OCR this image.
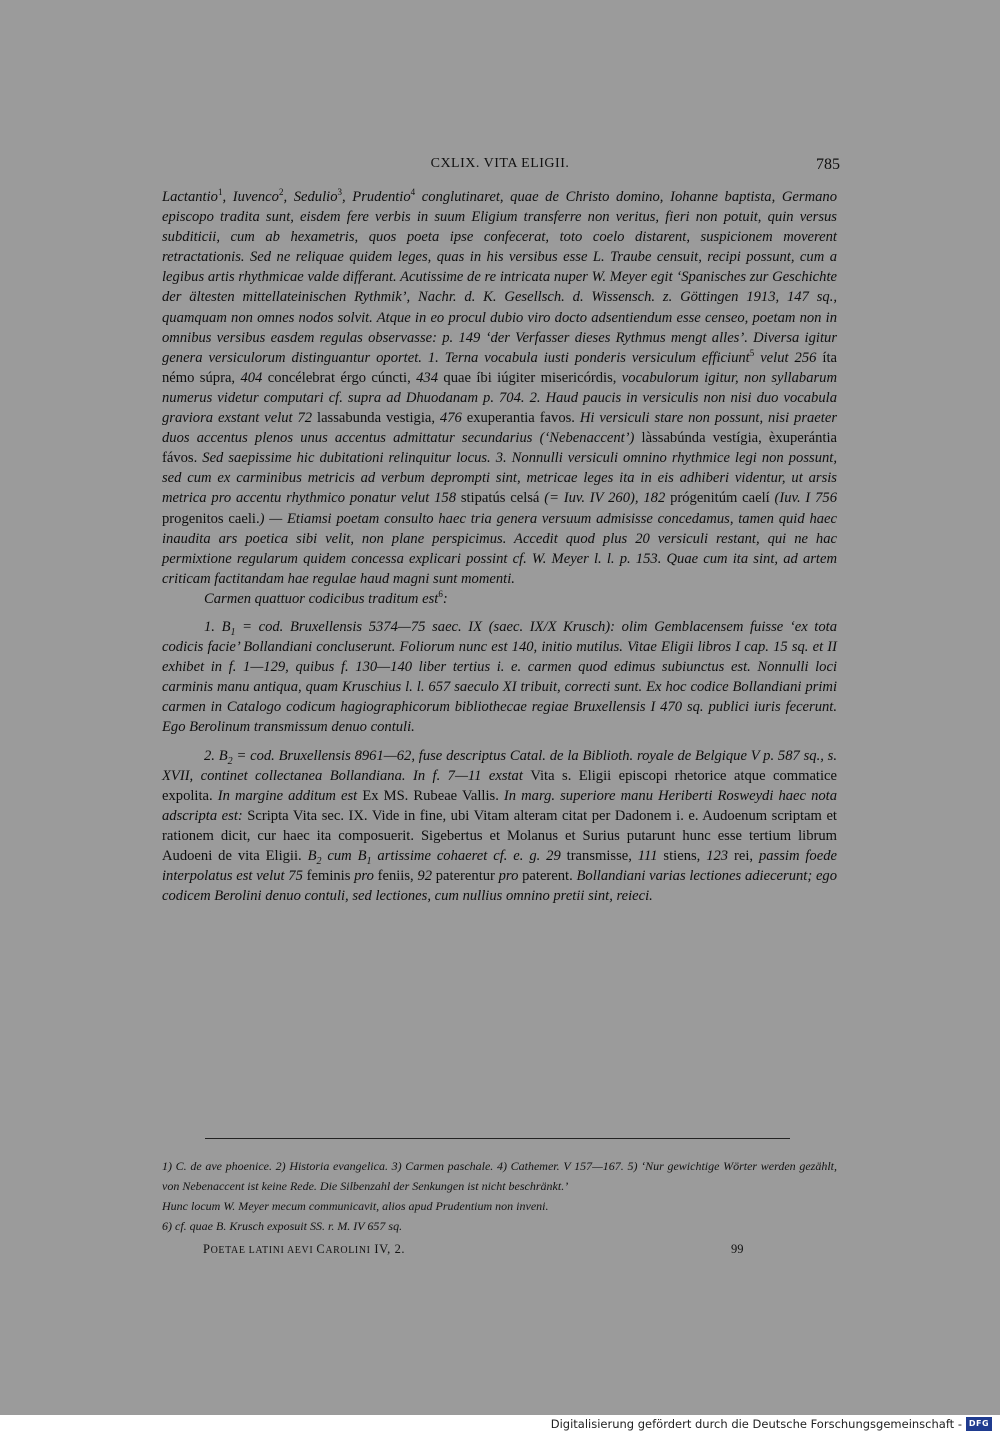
CXLIX. VITA ELIGII.	785

Lactantio$^1$, Iuvenco$^2$, Sedulio$^3$, Prudentio$^4$ conglutinaret, quae de Christo domino, Iohanne baptista, Germano episcopo tradita sunt, eisdem fere verbis in suum Eligium transferre non veritus, fieri non potuit, quin versus subditicii, cum ab hexametris, quos poeta ipse confecerat, toto coelo distarent, suspicionem moverent retractationis. Sed ne reliquae quidem leges, quas in his versibus esse L. Traube censuit, recipi possunt, cum a legibus artis rhythmicae valde differant. Acutissime de re intricata nuper W. Meyer egit ‘Spanisches zur Geschichte der ältesten mittellateinischen Rythmik’, Nachr. d. K. Gesellsch. d. Wissensch. z. Göttingen 1913, 147 sq., quamquam non omnes nodos solvit. Atque in eo procul dubio viro docto adsentiendum esse censeo, poetam non in omnibus versibus easdem regulas observasse: p. 149 ‘der Verfasser dieses Rythmus mengt alles’. Diversa igitur genera versiculorum distinguantur oportet. 1. Terna vocabula iusti ponderis versiculum efficiunt$^5$ velut 256 íta némo súpra, 404 concélebrat érgo cúncti, 434 quae íbi iúgiter misericórdis, vocabulorum igitur, non syllabarum numerus videtur computari cf. supra ad Dhuodanam p. 704. 2. Haud paucis in versiculis non nisi duo vocabula graviora exstant velut 72 lassabunda vestigia, 476 exuperantia favos. Hi versiculi stare non possunt, nisi praeter duos accentus plenos unus accentus admittatur secundarius (‘Nebenaccent’) làssabúnda vestígia, èxuperántia fávos. Sed saepissime hic dubitationi relinquitur locus. 3. Nonnulli versiculi omnino rhythmice legi non possunt, sed cum ex carminibus metricis ad verbum deprompti sint, metricae leges ita in eis adhiberi videntur, ut arsis metrica pro accentu rhythmico ponatur velut 158 stipatús celsá (= Iuv. IV 260), 182 prógenitúm caelí (Iuv. I 756 progenitos caeli.) — Etiamsi poetam consulto haec tria genera versuum admisisse concedamus, tamen quid haec inaudita ars poetica sibi velit, non plane perspicimus. Accedit quod plus 20 versiculi restant, qui ne hac permixtione regularum quidem concessa explicari possint cf. W. Meyer l. l. p. 153. Quae cum ita sint, ad artem criticam factitandam hae regulae haud magni sunt momenti.

Carmen quattuor codicibus traditum est$^6$:

1. $B_1$ = cod. Bruxellensis 5374—75 saec. IX (saec. IX/X Krusch): olim Gemblacensem fuisse ‘ex tota codicis facie’ Bollandiani concluserunt. Foliorum nunc est 140, initio mutilus. Vitae Eligii libros I cap. 15 sq. et II exhibet in f. 1—129, quibus f. 130—140 liber tertius i. e. carmen quod edimus subiunctus est. Nonnulli loci carminis manu antiqua, quam Kruschius l. l. 657 saeculo XI tribuit, correcti sunt. Ex hoc codice Bollandiani primi carmen in Catalogo codicum hagiographicorum bibliothecae regiae Bruxellensis I 470 sq. publici iuris fecerunt. Ego Berolinum transmissum denuo contuli.

2. $B_2$ = cod. Bruxellensis 8961—62, fuse descriptus Catal. de la Biblioth. royale de Belgique V p. 587 sq., s. XVII, continet collectanea Bollandiana. In f. 7—11 exstat Vita s. Eligii episcopi rhetorice atque commatice expolita. In margine additum est Ex MS. Rubeae Vallis. In marg. superiore manu Heriberti Rosweydi haec nota adscripta est: Scripta Vita sec. IX. Vide in fine, ubi Vitam alteram citat per Dadonem i. e. Audoenum scriptam et rationem dicit, cur haec ita composuerit. Sigebertus et Molanus et Surius putarunt hunc esse tertium librum Audoeni de vita Eligii. $B_2$ cum $B_1$ artissime cohaeret cf. e. g. 29 transmisse, 111 stiens, 123 rei, passim foede interpolatus est velut 75 feminis pro feniis, 92 paterentur pro paterent. Bollandiani varias lectiones adiecerunt; ego codicem Berolini denuo contuli, sed lectiones, cum nullius omnino pretii sint, reieci.

1) C. de ave phoenice. 2) Historia evangelica. 3) Carmen paschale. 4) Cathemer. V 157—167. 5) ‘Nur gewichtige Wörter werden gezählt, von Nebenaccent ist keine Rede. Die Silbenzahl der Senkungen ist nicht beschränkt.’
Hunc locum W. Meyer mecum communicavit, alios apud Prudentium non inveni.
6) cf. quae B. Krusch exposuit SS. r. M. IV 657 sq.
POETAE LATINI AEVI CAROLINI IV, 2.	99
Digitalisierung gefördert durch die Deutsche Forschungsgemeinschaft - DFG
